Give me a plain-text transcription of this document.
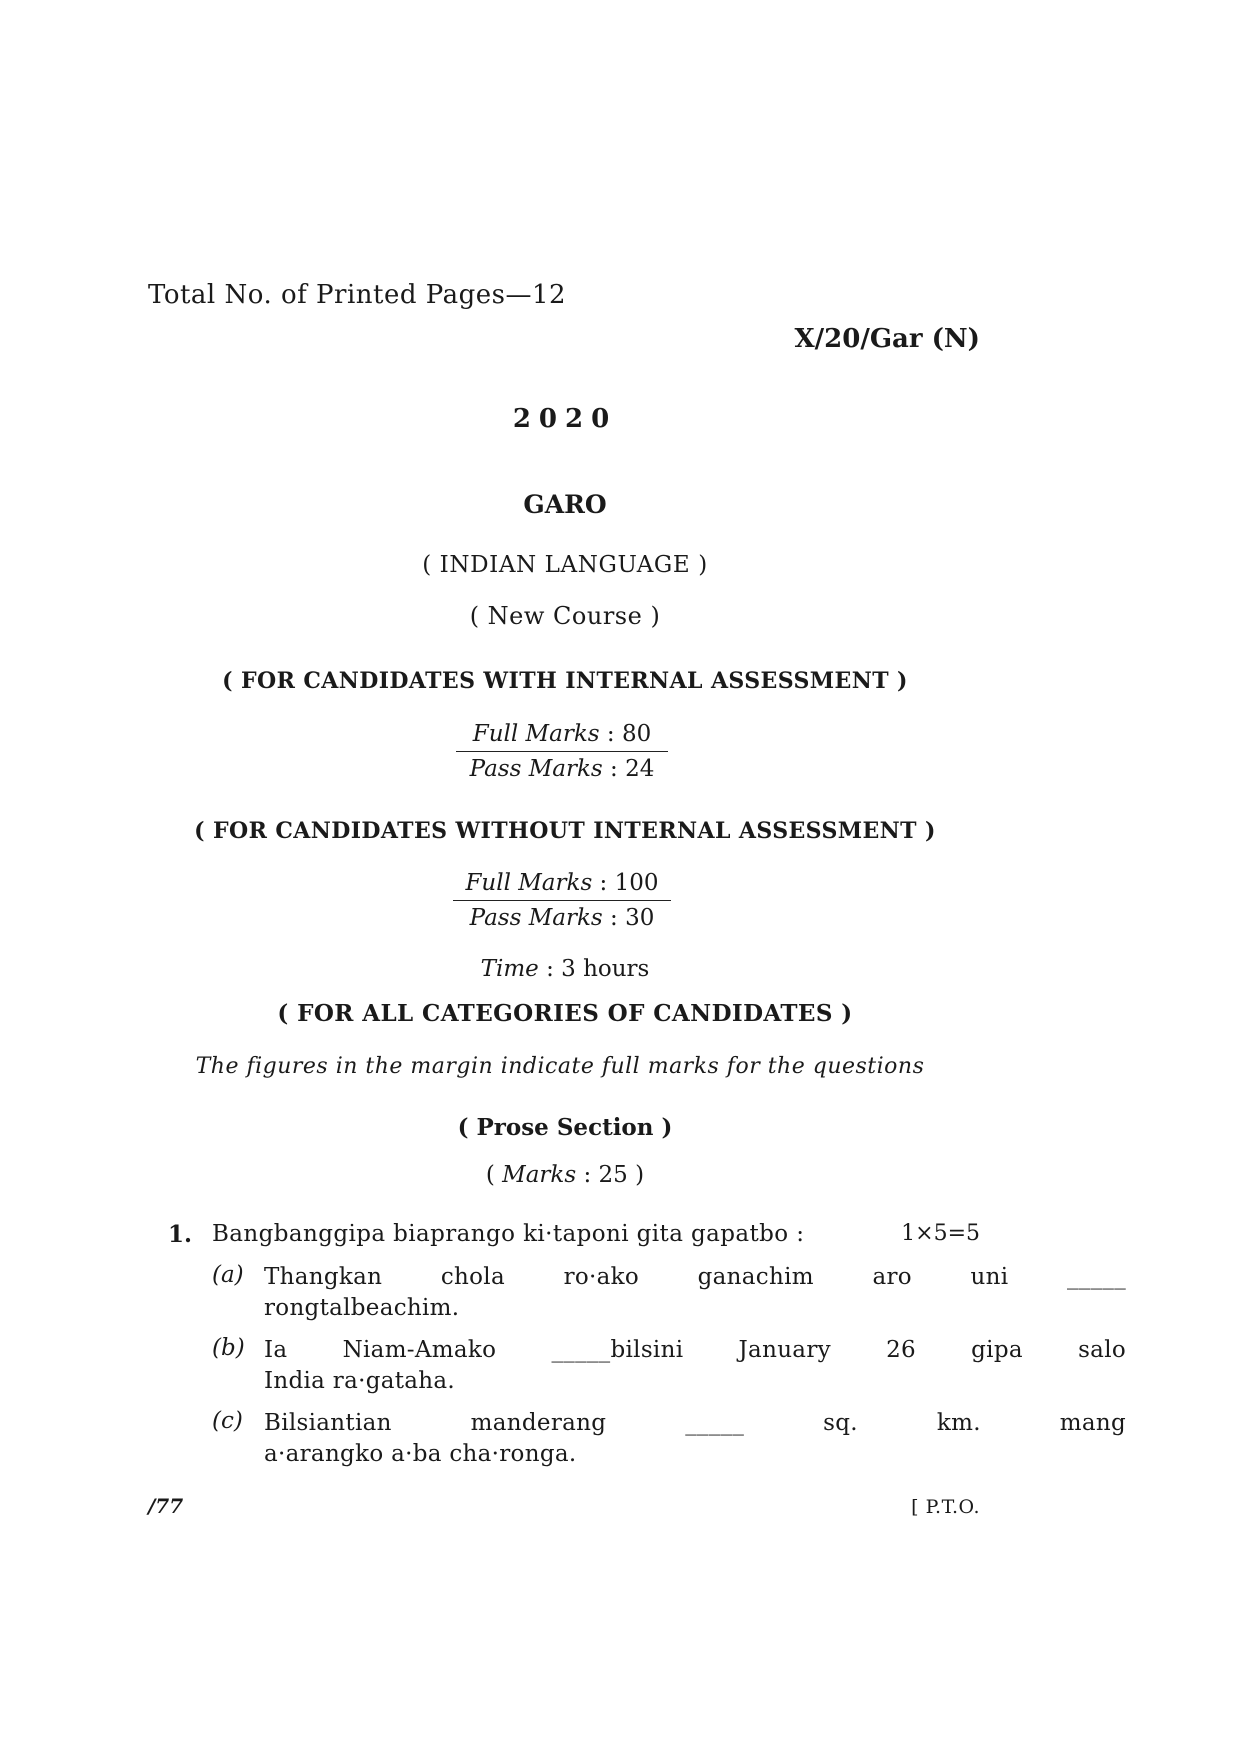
Total No. of Printed Pages—12
X/20/Gar (N)
2020
GARO
( INDIAN LANGUAGE )
( New Course )
( FOR CANDIDATES WITH INTERNAL ASSESSMENT )
Full Marks : 80
Pass Marks : 24
( FOR CANDIDATES WITHOUT INTERNAL ASSESSMENT )
Full Marks : 100
Pass Marks : 30
Time : 3 hours
( FOR ALL CATEGORIES OF CANDIDATES )
The figures in the margin indicate full marks for the questions
( Prose Section )
( Marks : 25 )
1. Bangbanggipa biaprango ki·taponi gita gapatbo :	1×5=5
(a) Thangkan chola ro·ako ganachim aro uni _____
rongtalbeachim.
(b) Ia Niam-Amako _____bilsini January 26 gipa salo
India ra·gataha.
(c) Bilsiantian manderang _____ sq. km. mang
a·arangko a·ba cha·ronga.
/77	[ P.T.O.
